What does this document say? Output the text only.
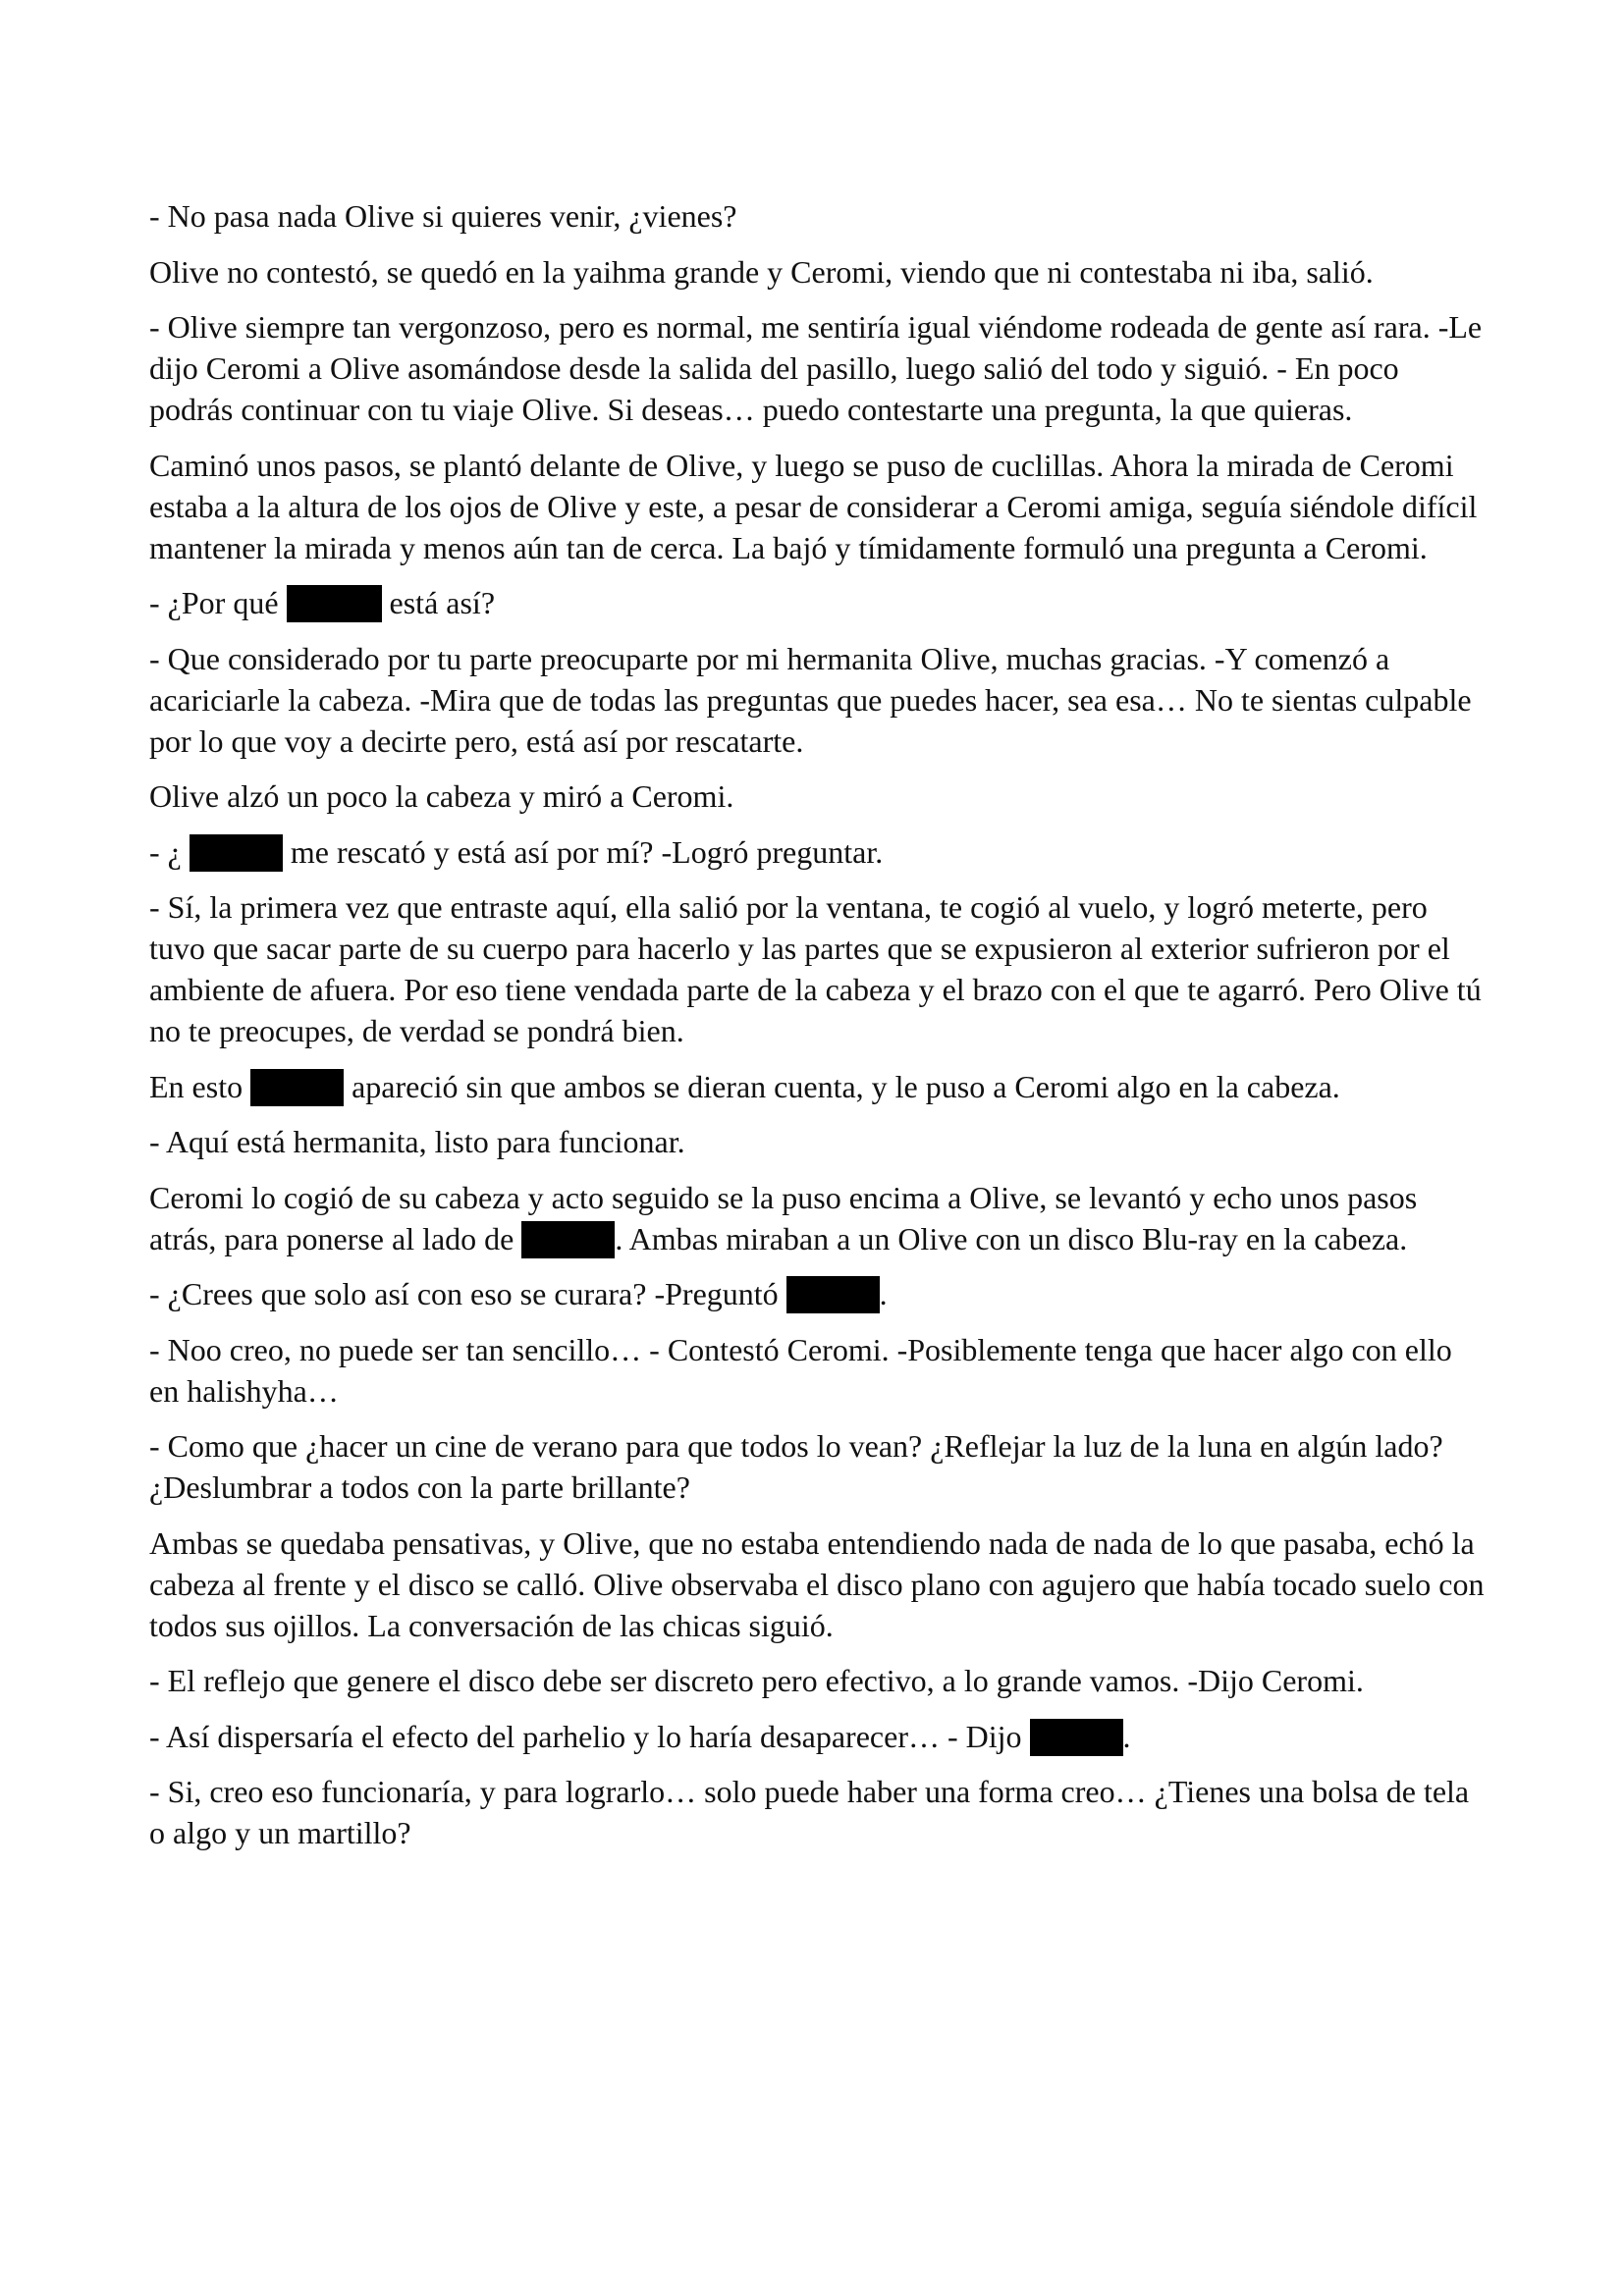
- No pasa nada Olive si quieres venir, ¿vienes?

Olive no contestó, se quedó en la yaihma grande y Ceromi, viendo que ni contestaba ni iba, salió.

- Olive siempre tan vergonzoso, pero es normal, me sentiría igual viéndome rodeada de gente así rara. -Le dijo Ceromi a Olive asomándose desde la salida del pasillo, luego salió del todo y siguió. - En poco podrás continuar con tu viaje Olive. Si deseas… puedo contestarte una pregunta, la que quieras.

Caminó unos pasos, se plantó delante de Olive, y luego se puso de cuclillas. Ahora la mirada de Ceromi estaba a la altura de los ojos de Olive y este, a pesar de considerar a Ceromi amiga, seguía siéndole difícil mantener la mirada y menos aún tan de cerca. La bajó y tímidamente formuló una pregunta a Ceromi.

- ¿Por qué	está así?

- Que considerado por tu parte preocuparte por mi hermanita Olive, muchas gracias. -Y comenzó a acariciarle la cabeza. -Mira que de todas las preguntas que puedes hacer, sea esa… No te sientas culpable por lo que voy a decirte pero, está así por rescatarte.

Olive alzó un poco la cabeza y miró a Ceromi.

- ¿	me rescató y está así por mí? -Logró preguntar.

- Sí, la primera vez que entraste aquí, ella salió por la ventana, te cogió al vuelo, y logró meterte, pero tuvo que sacar parte de su cuerpo para hacerlo y las partes que se expusieron al exterior sufrieron por el ambiente de afuera. Por eso tiene vendada parte de la cabeza y el brazo con el que te agarró. Pero Olive tú no te preocupes, de verdad se pondrá bien.

En esto	apareció sin que ambos se dieran cuenta, y le puso a Ceromi algo en la cabeza.

- Aquí está hermanita, listo para funcionar.

Ceromi lo cogió de su cabeza y acto seguido se la puso encima a Olive, se levantó y echo unos pasos atrás, para ponerse al lado de	. Ambas miraban a un Olive con un disco Blu-ray en la cabeza.

- ¿Crees que solo así con eso se curara? -Preguntó	.

- Noo creo, no puede ser tan sencillo… - Contestó Ceromi. -Posiblemente tenga que hacer algo con ello en halishyha…

- Como que ¿hacer un cine de verano para que todos lo vean? ¿Reflejar la luz de la luna en algún lado? ¿Deslumbrar a todos con la parte brillante?

Ambas se quedaba pensativas, y Olive, que no estaba entendiendo nada de nada de lo que pasaba, echó la cabeza al frente y el disco se calló. Olive observaba el disco plano con agujero que había tocado suelo con todos sus ojillos. La conversación de las chicas siguió.

- El reflejo que genere el disco debe ser discreto pero efectivo, a lo grande vamos. -Dijo Ceromi.

- Así dispersaría el efecto del parhelio y lo haría desaparecer… - Dijo	.

- Si, creo eso funcionaría, y para lograrlo… solo puede haber una forma creo… ¿Tienes una bolsa de tela o algo y un martillo?
